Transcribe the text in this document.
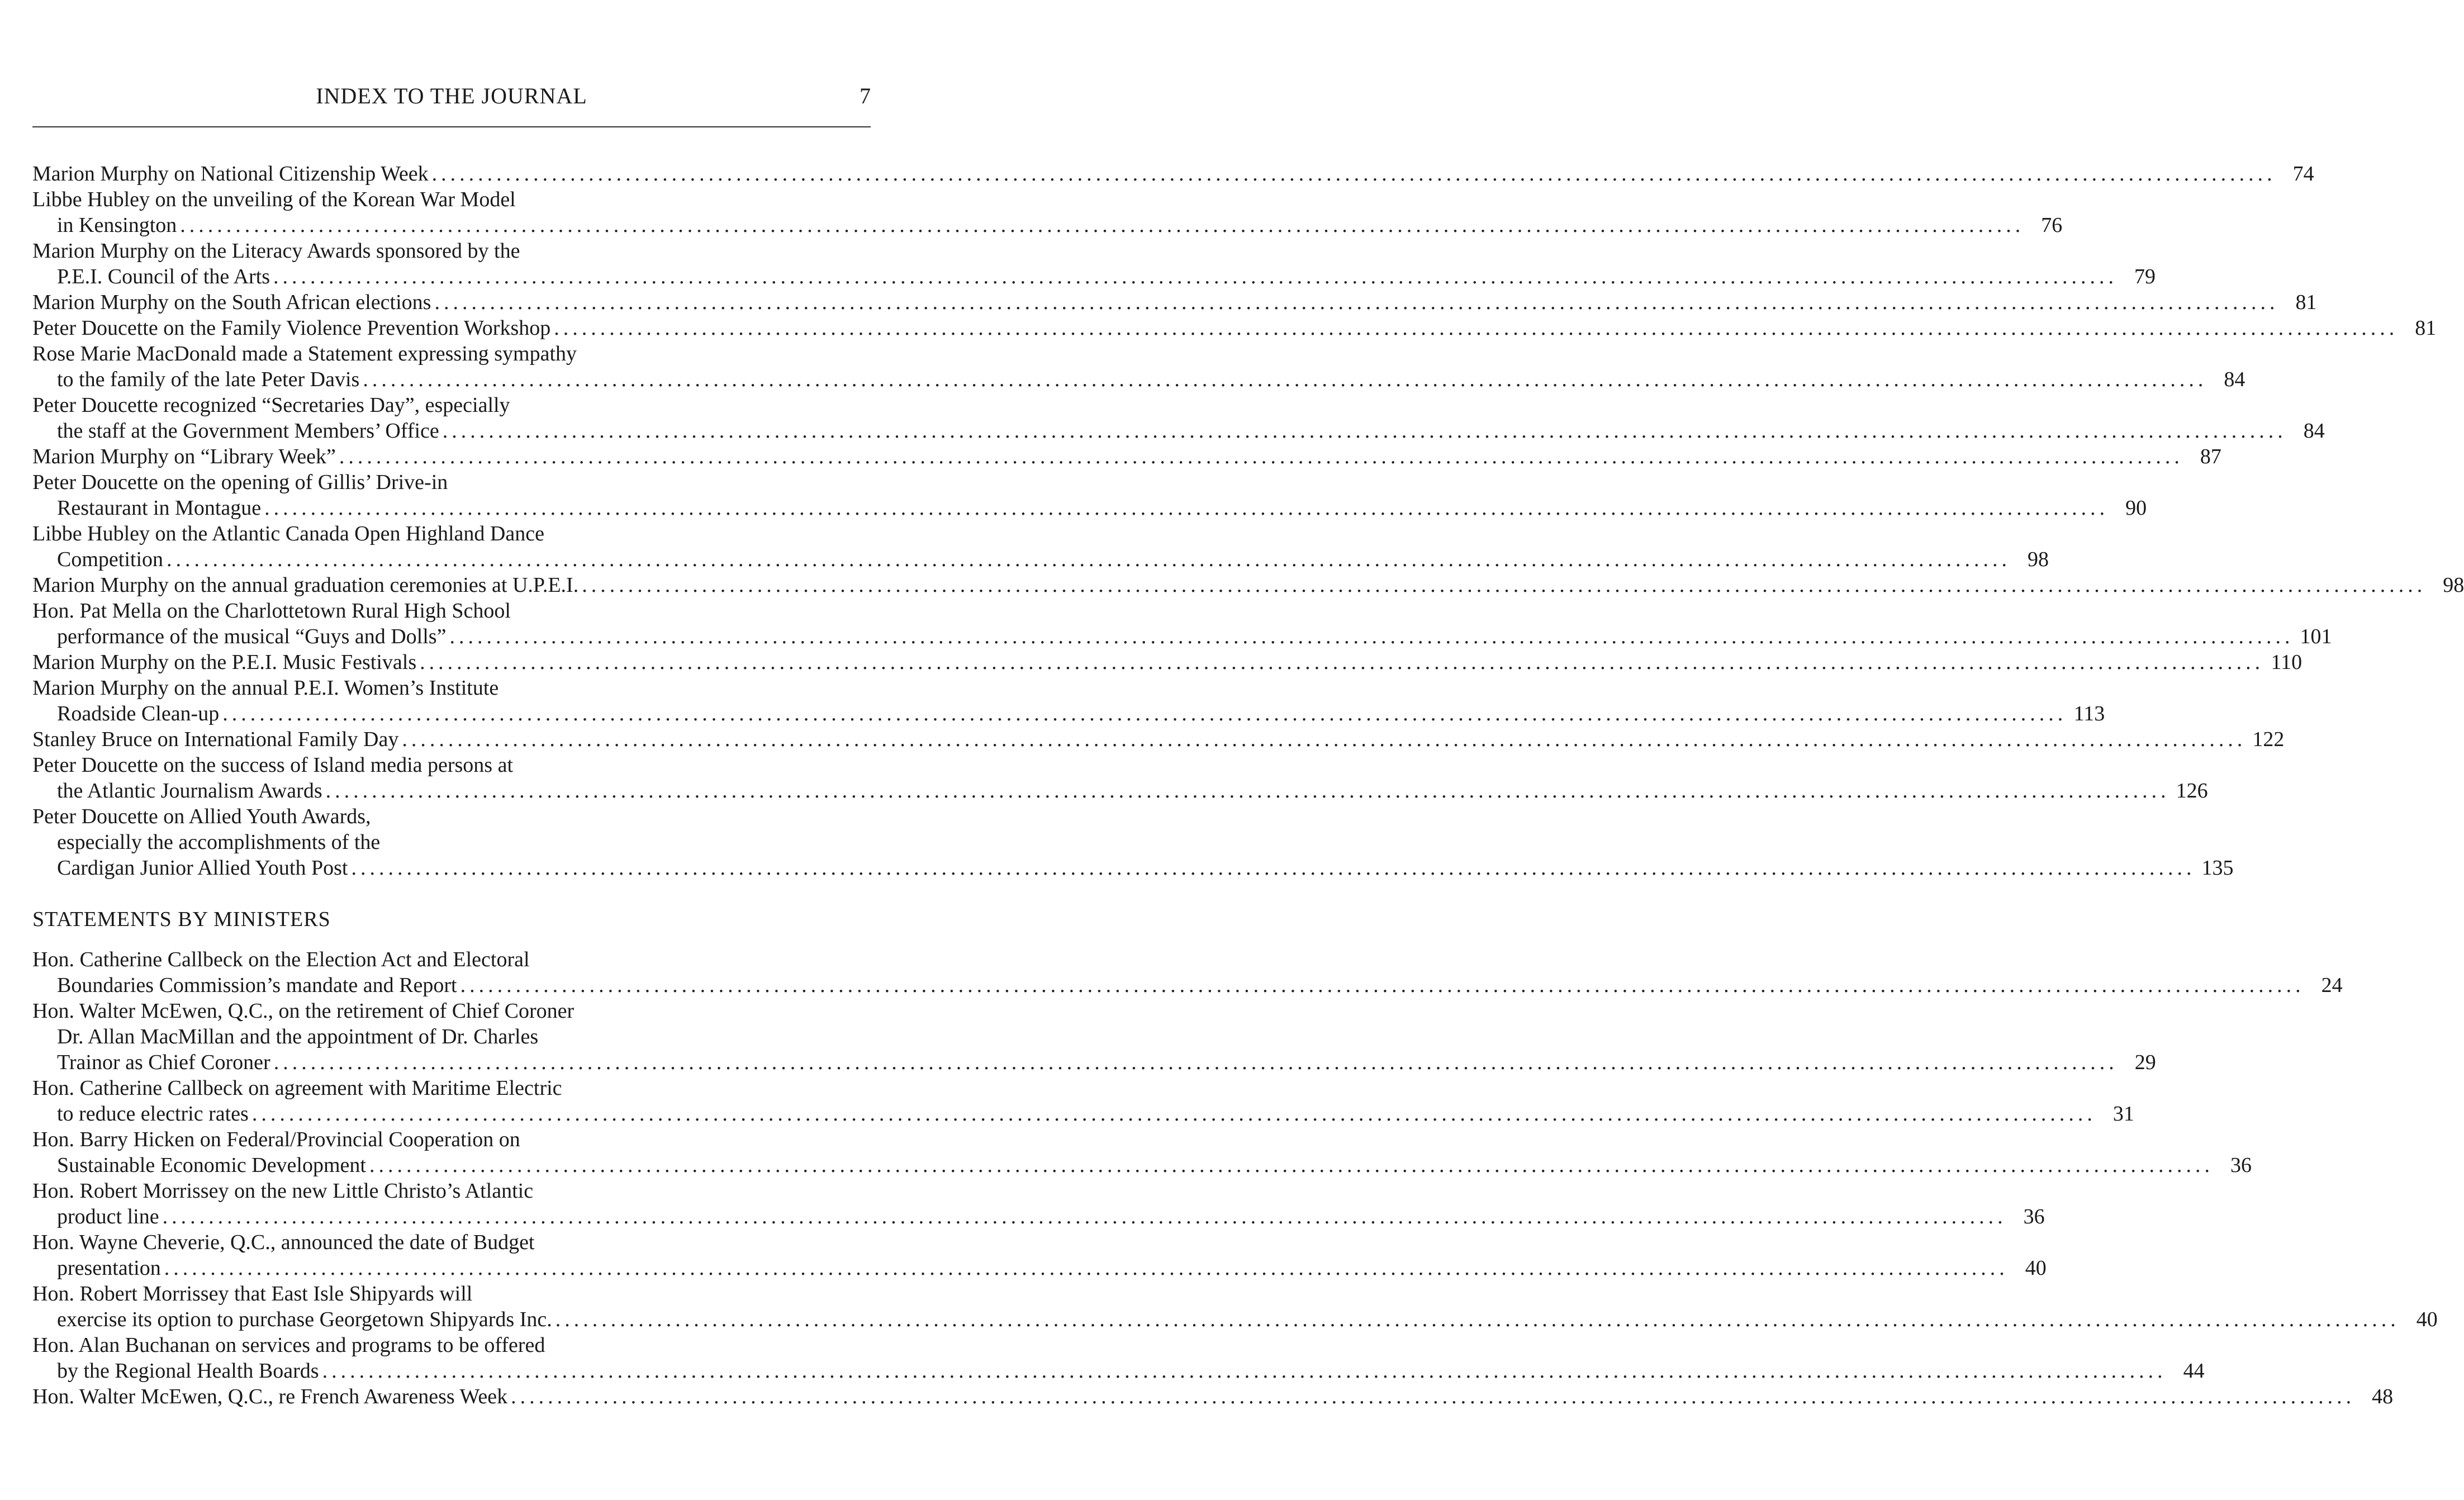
INDEX TO THE JOURNAL	7
Marion Murphy on National Citizenship Week ........................................................................................................................................................................................................ 74
Libbe Hubley on the unveiling of the Korean War Model
in Kensington ........................................................................................................................................................................................................ 76
Marion Murphy on the Literacy Awards sponsored by the
P.E.I. Council of the Arts ........................................................................................................................................................................................................ 79
Marion Murphy on the South African elections ........................................................................................................................................................................................................ 81
Peter Doucette on the Family Violence Prevention Workshop ........................................................................................................................................................................................................ 81
Rose Marie MacDonald made a Statement expressing sympathy
to the family of the late Peter Davis ........................................................................................................................................................................................................ 84
Peter Doucette recognized “Secretaries Day”, especially
the staff at the Government Members’ Office ........................................................................................................................................................................................................ 84
Marion Murphy on “Library Week” ........................................................................................................................................................................................................ 87
Peter Doucette on the opening of Gillis’ Drive-in
Restaurant in Montague ........................................................................................................................................................................................................ 90
Libbe Hubley on the Atlantic Canada Open Highland Dance
Competition ........................................................................................................................................................................................................ 98
Marion Murphy on the annual graduation ceremonies at U.P.E.I. ........................................................................................................................................................................................................ 98
Hon. Pat Mella on the Charlottetown Rural High School
performance of the musical “Guys and Dolls” ........................................................................................................................................................................................................ 101
Marion Murphy on the P.E.I. Music Festivals ........................................................................................................................................................................................................ 110
Marion Murphy on the annual P.E.I. Women’s Institute
Roadside Clean-up ........................................................................................................................................................................................................ 113
Stanley Bruce on International Family Day ........................................................................................................................................................................................................ 122
Peter Doucette on the success of Island media persons at
the Atlantic Journalism Awards ........................................................................................................................................................................................................ 126
Peter Doucette on Allied Youth Awards,
especially the accomplishments of the
Cardigan Junior Allied Youth Post ........................................................................................................................................................................................................ 135
STATEMENTS BY MINISTERS
Hon. Catherine Callbeck on the Election Act and Electoral
Boundaries Commission’s mandate and Report ........................................................................................................................................................................................................ 24
Hon. Walter McEwen, Q.C., on the retirement of Chief Coroner
Dr. Allan MacMillan and the appointment of Dr. Charles
Trainor as Chief Coroner ........................................................................................................................................................................................................ 29
Hon. Catherine Callbeck on agreement with Maritime Electric
to reduce electric rates ........................................................................................................................................................................................................ 31
Hon. Barry Hicken on Federal/Provincial Cooperation on
Sustainable Economic Development ........................................................................................................................................................................................................ 36
Hon. Robert Morrissey on the new Little Christo’s Atlantic
product line ........................................................................................................................................................................................................ 36
Hon. Wayne Cheverie, Q.C., announced the date of Budget
presentation ........................................................................................................................................................................................................ 40
Hon. Robert Morrissey that East Isle Shipyards will
exercise its option to purchase Georgetown Shipyards Inc. ........................................................................................................................................................................................................ 40
Hon. Alan Buchanan on services and programs to be offered
by the Regional Health Boards ........................................................................................................................................................................................................ 44
Hon. Walter McEwen, Q.C., re French Awareness Week ........................................................................................................................................................................................................ 48
